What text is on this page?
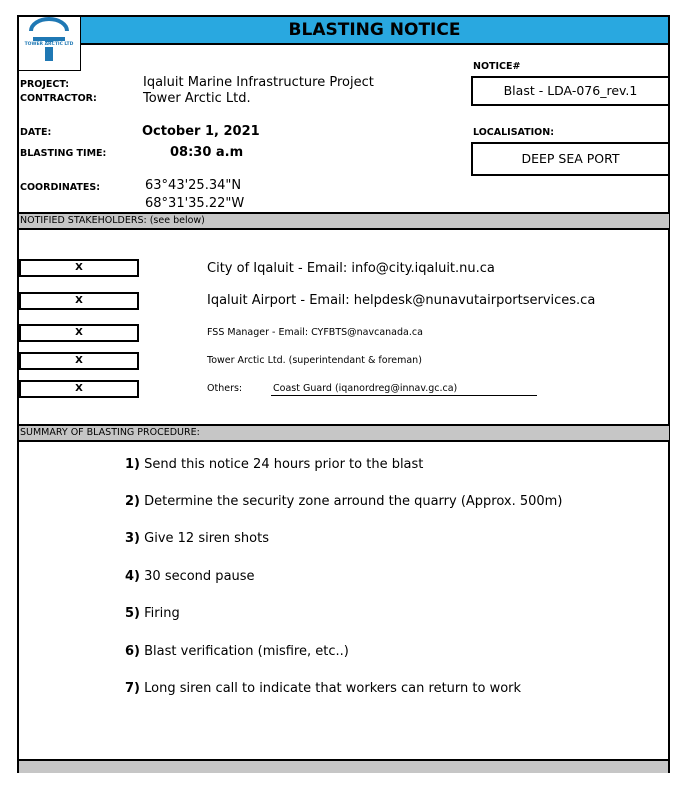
TOWER ARCTIC LTD
BLASTING NOTICE
NOTICE#
Blast - LDA-076_rev.1
PROJECT:	Iqaluit Marine Infrastructure Project
CONTRACTOR:	Tower Arctic Ltd.
DATE:	October 1, 2021
BLASTING TIME:	08:30 a.m
LOCALISATION:
DEEP SEA PORT
COORDINATES:	63°43'25.34"N
68°31'35.22"W
NOTIFIED STAKEHOLDERS: (see below)
X	City of Iqaluit - Email: info@city.iqaluit.nu.ca
X	Iqaluit Airport - Email: helpdesk@nunavutairportservices.ca
X	FSS Manager - Email: CYFBTS@navcanada.ca
X	Tower Arctic Ltd. (superintendant & foreman)
X	Others:	Coast Guard (iqanordreg@innav.gc.ca)
SUMMARY OF BLASTING PROCEDURE:
1) Send this notice 24 hours prior to the blast
2) Determine the security zone arround the quarry (Approx. 500m)
3) Give 12 siren shots
4) 30 second pause
5) Firing
6) Blast verification (misfire, etc..)
7) Long siren call to indicate that workers can return to work
